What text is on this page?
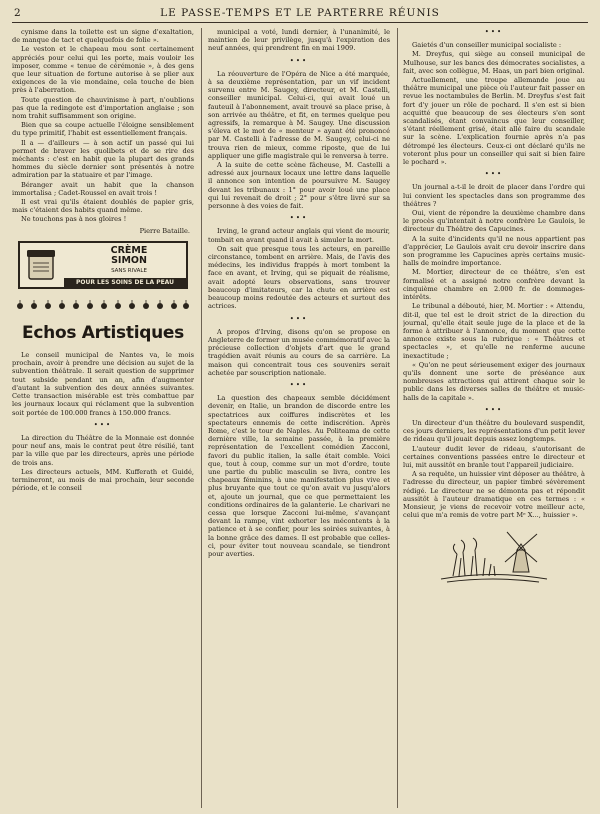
2	LE PASSE-TEMPS ET LE PARTERRE RÉUNIS

cynisme dans la toilette est un signe d'exaltation, de manque de tact et quelquefois de folie ».

Le veston et le chapeau mou sont certainement appréciés pour celui qui les porte, mais vouloir les imposer, comme « tenue de cérémonie », à des gens que leur situation de fortune autorise à se plier aux exigences de la vie mondaine, cela touche de bien près à l'aberration.

Toute question de chauvinisme à part, n'oublions pas que la redingote est d'importation anglaise ; son nom trahit suffisamment son origine.

Bien que sa coupe actuelle l'éloigne sensiblement du type primitif, l'habit est essentiellement français.

Il a — d'ailleurs — à son actif un passé qui lui permet de braver les quolibets et de se rire des méchants : c'est en habit que la plupart des grands hommes du siècle dernier sont présentés à notre admiration par la statuaire et par l'image.

Béranger avait un habit que la chanson immortalisa ; Cadet-Roussel en avait trois !

Il est vrai qu'ils étaient doublés de papier gris, mais c'étaient des habits quand même.

Ne touchons pas à nos gloires !

Pierre Bataille.
CRÈME
SIMON
SANS RIVALE
POUR LES SOINS DE LA PEAU
Echos Artistiques

Le conseil municipal de Nantes va, le mois prochain, avoir à prendre une décision au sujet de la subvention théâtrale. Il serait question de supprimer tout subside pendant un an, afin d'augmenter d'autant la subvention des deux années suivantes. Cette transaction misérable est très combattue par les journaux locaux qui réclament que la subvention soit portée de 100.000 francs à 150.000 francs.

•••

La direction du Théâtre de la Monnaie est donnée pour neuf ans, mais le contrat peut être résilié, tant par la ville que par les directeurs, après une période de trois ans.

Les directeurs actuels, MM. Kufferath et Guidé, termineront, au mois de mai prochain, leur seconde période, et le conseil

municipal a voté, lundi dernier, à l'unanimité, le maintien de leur privilège, jusqu'à l'expiration des neuf années, qui prendrent fin en mai 1909.

•••

La réouverture de l'Opéra de Nice a été marquée, à sa deuxième représentation, par un vif incident survenu entre M. Saugey, directeur, et M. Castelli, conseiller municipal. Celui-ci, qui avait loué un fauteuil à l'abonnement, avait trouvé sa place prise, à son arrivée au théâtre, et fit, en termes quelque peu agressifs, la remarque à M. Saugey. Une discussion s'éleva et le mot de « menteur » ayant été prononcé par M. Castelli à l'adresse de M. Saugey, celui-ci ne trouva rien de mieux, comme riposte, que de lui appliquer une gifle magistrale qui le renversa à terre.

A la suite de cette scène fâcheuse, M. Castelli a adressé aux journaux locaux une lettre dans laquelle il annonce son intention de poursuivre M. Saugey devant les tribunaux : 1° pour avoir loué une place qui lui revenait de droit ; 2° pour s'être livré sur sa personne à des voies de fait.

•••

Irving, le grand acteur anglais qui vient de mourir, tombait en avant quand il avait à simuler la mort.

On sait que presque tous les acteurs, en pareille circonstance, tombent en arrière. Mais, de l'avis des médecins, les individus frappés à mort tombent la face en avant, et Irving, qui se piquait de réalisme, avait adopté leurs observations, sans trouver beaucoup d'imitateurs, car la chute en arrière est beaucoup moins redoutée des acteurs et surtout des actrices.

•••

A propos d'Irving, disons qu'on se propose en Angleterre de former un musée commémoratif avec la précieuse collection d'objets d'art que le grand tragédien avait réunis au cours de sa carrière. La maison qui concentrait tous ces souvenirs serait achetée par souscription nationale.

•••

La question des chapeaux semble décidément devenir, en Italie, un brandon de discorde entre les spectatrices aux coiffures indiscrètes et les spectateurs ennemis de cette indiscrétion. Après Rome, c'est le tour de Naples. Au Politeama de cette dernière ville, la semaine passée, à la première représentation de l'excellent comédien Zacconi, favori du public italien, la salle était comble. Voici que, tout à coup, comme sur un mot d'ordre, toute une partie du public masculin se livra, contre les chapeaux féminins, à une manifestation plus vive et plus bruyante que tout ce qu'on avait vu jusqu'alors et, ajoute un journal, que ce que permettaient les conditions ordinaires de la galanterie. Le charivari ne cessa que lorsque Zacconi lui-même, s'avançant devant la rampe, vint exhorter les mécontents à la patience et à se confier, pour les soirées suivantes, à la bonne grâce des dames. Il est probable que celles-ci, pour éviter tout nouveau scandale, se tiendront pour averties.

•••

Gaietés d'un conseiller municipal socialiste :

M. Dreyfus, qui siège au conseil municipal de Mulhouse, sur les bancs des démocrates socialistes, a fait, avec son collègue, M. Haas, un pari bien original.

Actuellement, une troupe allemande joue au théâtre municipal une pièce où l'auteur fait passer en revue les noctambules de Berlin. M. Dreyfus s'est fait fort d'y jouer un rôle de pochard. Il s'en est si bien acquitté que beaucoup de ses électeurs s'en sont scandalisés, étant convaincus que leur conseiller, s'étant réellement grisé, était allé faire du scandale sur la scène. L'explication fournie après n'a pas détrompé les électeurs. Ceux-ci ont déclaré qu'ils ne voteront plus pour un conseiller qui sait si bien faire le pochard ».

•••

Un journal a-t-il le droit de placer dans l'ordre qui lui convient les spectacles dans son programme des théâtres ?

Oui, vient de répondre la deuxième chambre dans le procès qu'intentait à notre confrère Le Gaulois, le directeur du Théâtre des Capucines.

A la suite d'incidents qu'il ne nous appartient pas d'apprécier, Le Gaulois avait cru devoir inscrire dans son programme les Capucines après certains music-halls de moindre importance.

M. Mortier, directeur de ce théâtre, s'en est formalisé et a assigné notre confrère devant la cinquième chambre en 2.000 fr. de dommages-intérêts.

Le tribunal a débouté, hier, M. Mortier : « Attendu, dit-il, que tel est le droit strict de la direction du journal, qu'elle était seule juge de la place et de la forme à attribuer à l'annonce, du moment que cette annonce existe sous la rubrique : « Théâtres et spectacles », et qu'elle ne renferme aucune inexactitude ;

« Qu'on ne peut sérieusement exiger des journaux qu'ils donnent une sorte de préséance aux nombreuses attractions qui attirent chaque soir le public dans les diverses salles de théâtre et music-halls de la capitale ».

•••

Un directeur d'un théâtre du boulevard suspendit, ces jours derniers, les représentations d'un petit lever de rideau qu'il jouait depuis assez longtemps.

L'auteur dudit lever de rideau, s'autorisant de certaines conventions passées entre le directeur et lui, mit aussitôt en branle tout l'appareil judiciaire.

A sa requête, un huissier vint déposer au théâtre, à l'adresse du directeur, un papier timbré sévèrement rédigé. Le directeur ne se démonta pas et répondit aussitôt à l'auteur dramatique en ces termes : « Monsieur, je viens de recevoir votre meilleur acte, celui que m'a remis de votre part Mᵉ X..., huissier ».
